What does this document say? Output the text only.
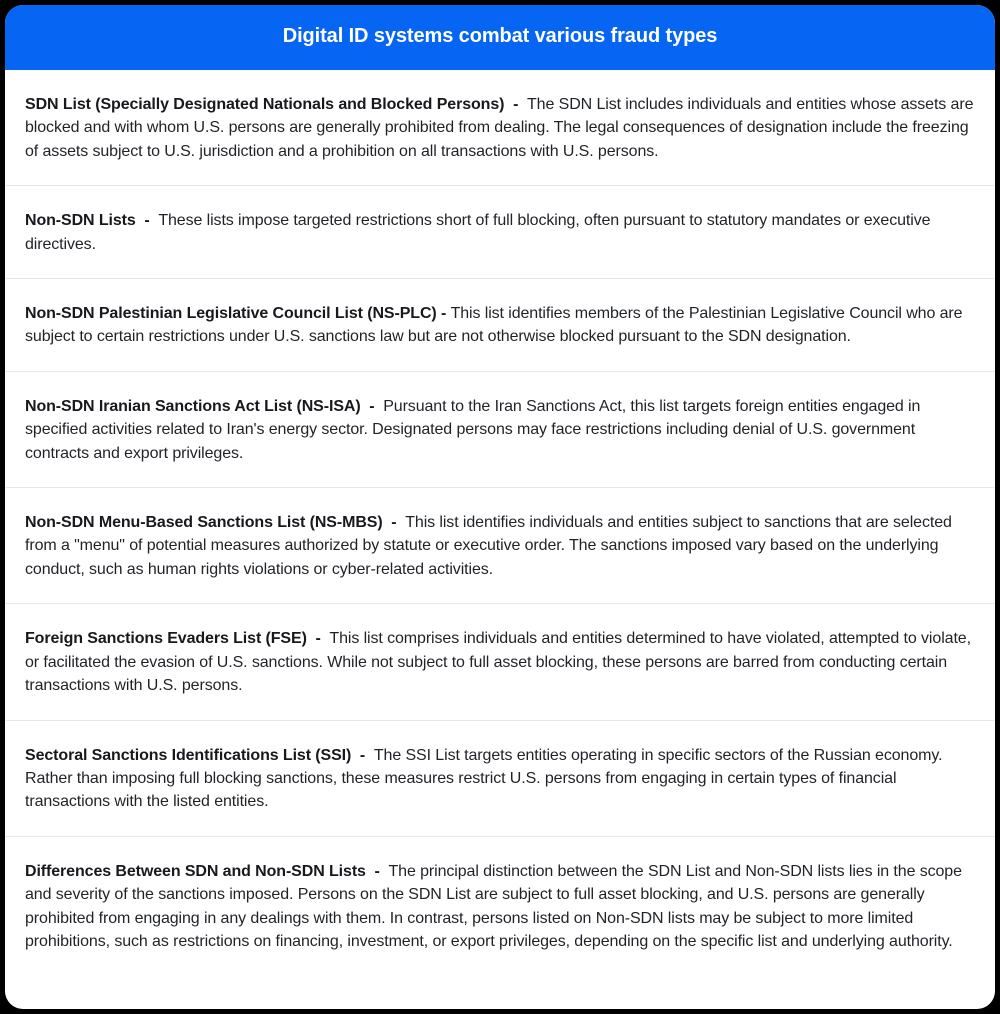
Digital ID systems combat various fraud types

SDN List (Specially Designated Nationals and Blocked Persons)  -  The SDN List includes individuals and entities whose assets are blocked and with whom U.S. persons are generally prohibited from dealing. The legal consequences of designation include the freezing of assets subject to U.S. jurisdiction and a prohibition on all transactions with U.S. persons.

Non-SDN Lists  -  These lists impose targeted restrictions short of full blocking, often pursuant to statutory mandates or executive directives.

Non-SDN Palestinian Legislative Council List (NS-PLC) - This list identifies members of the Palestinian Legislative Council who are subject to certain restrictions under U.S. sanctions law but are not otherwise blocked pursuant to the SDN designation.

Non-SDN Iranian Sanctions Act List (NS-ISA)  -  Pursuant to the Iran Sanctions Act, this list targets foreign entities engaged in specified activities related to Iran's energy sector. Designated persons may face restrictions including denial of U.S. government contracts and export privileges.

Non-SDN Menu-Based Sanctions List (NS-MBS)  -  This list identifies individuals and entities subject to sanctions that are selected from a "menu" of potential measures authorized by statute or executive order. The sanctions imposed vary based on the underlying conduct, such as human rights violations or cyber-related activities.

Foreign Sanctions Evaders List (FSE)  -  This list comprises individuals and entities determined to have violated, attempted to violate, or facilitated the evasion of U.S. sanctions. While not subject to full asset blocking, these persons are barred from conducting certain transactions with U.S. persons.

Sectoral Sanctions Identifications List (SSI)  -  The SSI List targets entities operating in specific sectors of the Russian economy. Rather than imposing full blocking sanctions, these measures restrict U.S. persons from engaging in certain types of financial transactions with the listed entities.

Differences Between SDN and Non-SDN Lists  -  The principal distinction between the SDN List and Non-SDN lists lies in the scope and severity of the sanctions imposed. Persons on the SDN List are subject to full asset blocking, and U.S. persons are generally prohibited from engaging in any dealings with them. In contrast, persons listed on Non-SDN lists may be subject to more limited prohibitions, such as restrictions on financing, investment, or export privileges, depending on the specific list and underlying authority.
